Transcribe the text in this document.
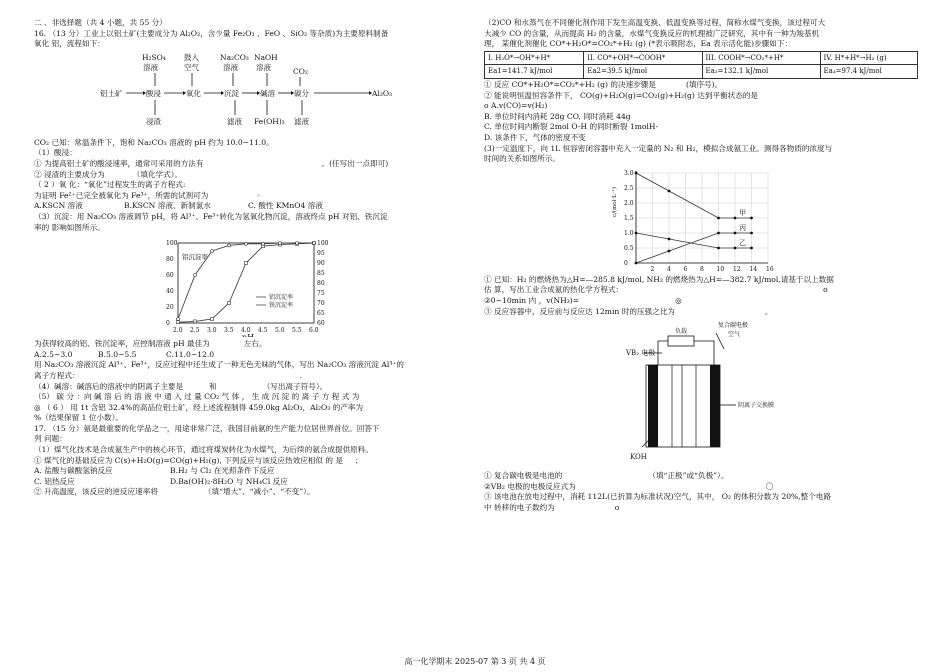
二 、非选择题（共 4 小题，共 55 分）

16. （13 分）工业上以铝土矿(主要成分为 Al₂O₃，含少量 Fe₂O₃ 、FeO 、SiO₂ 等杂质)为主要原料制备

氧化 铝，流程如下：

H₂SO₄
溶液
鼓入
空气
Na₂CO₃
溶液
NaOH
溶液	CO₂
铝土矿	酸浸	氧化	沉淀	碱溶	碳分	Al₂O₃
浸渣	滤液 Fe(OH)₃ 滤液

CO₂ 已知：常温条件下，饱和 Na₂CO₃ 溶液的 pH 约为 10.0~11.0。

（1）酸浸：

① 为提高铝土矿的酸浸速率，通常可采用的方法有	。(任写出一点即可)

② 浸渣的主要成分为	（填化学式）。

（ 2 ）氧 化：“氧化”过程发生的离子方程式:

为证明 Fe²⁺已完全被氧化为 Fe³⁺，所需的试剂可为	◦

A.KSCN 溶液	B.KSCN 溶液、新制氯水	C. 酸性 KMnO4 溶液

（3）沉淀：用 Na₂CO₃ 溶液调节 pH，将 Al³⁺、Fe³⁺转化为氢氧化物沉淀，溶液终点 pH 对铝、铁沉淀

率的 影响如图所示。

100
80
60
40
20
0
100
95
90
85
80
75
70
65
60
2.0 2.5 3.0 3.5 4.0 4.5 5.0 5.5 6.0
铝沉淀率
铝沉淀率
铁沉淀率

为获得较高的铝、铁沉淀率，应控制溶液 pH 最佳为	左右。

A.2.5~3.0	B.5.0~5.5	C.11.0~12.0

用 Na₂CO₃ 溶液沉淀 Al³⁺、Fe³⁺，反应过程中还生成了一种无色无味的气体，写出 Na₂CO₃ 溶液沉淀 Al³⁺的

离子方程式：	.

（4）碱溶：碱溶后的溶液中的阴离子主要是	和	（写出离子符号）。

（5） 碳 分 ：向 碱 溶 后 的 溶 液 中 通 入 过 量 CO₂ 气 体 ， 生 成 沉 淀 的 离 子 方 程 式 为

◎ （ 6 ） 用 1t 含铝 32.4%的高品位铝土矿，经上述流程制得 459.0kg Al₂O₃，Al₂O₃ 的产率为

%（结果保留 1 位小数）。

17. （15 分）氨是最重要的化学品之一，用途非常广泛，我国目前氨的生产能力位居世界首位。回答下

列 问题：

（1）煤气化技术是合成氨生产中的核心环节，通过将煤炭转化为水煤气，为后续的氨合成提供原料。

① 煤气化的基础反应为 C(s)+H₂O(g)=CO(g)+H₂(g), 下列反应与该反应热效应相似 的 是 ；

A. 盐酸与碳酸氢钠反应	B.H₂ 与 Cl₂ 在光照条件下反应

C. 铝热反应	D.Ba(OH)₂·8H₂O 与 NH₄Cl 反应

② 升高温度，该反应的逆反应速率将	（填“增大”、“减小”、“不变”）。

（2)CO 和水蒸气在不同催化剂作用下发生高温变换、低温变换等过程，简称水煤气变换，该过程可大

大减少 CO 的含量，从而提高 H₂ 的含量，水煤气变换反应的机理被广泛研究，其中有一种为羧基机

理， 某催化剂催化 CO*+H₂O*=CO₂*+H₂ (g) (*表示吸附态，Ea 表示活化能)步骤如下：

I. H₂O*→OH*+H*	II. CO*+OH*→COOH*	III. COOH*→CO₂*+H*	IV. H*+H*→H₂ (g)
Ea1=141.7 kJ/mol	Ea2=39.5 kJ/mol	Ea₃=132.1 kJ/mol	Ea₄=97.4 kJ/mol

① 反应 CO*+H₂O*=CO₂*+H₂ (g) 的决速步骤是	(填序号)。

② 能说明恒温恒容条件下， CO(g)+H₂O(g)=CO₂(g)+H₂(g) 达到平衡状态的是

o A.v(CO)=v(H₂)

B. 单位时间内消耗 28g CO, 同时消耗 44g

C. 单位时间内断裂 2mol O-H 的同时断裂 1molH-

D. 该条件下，气体的密度不变

(3)一定温度下，向 1L 恒容密闭容器中充入一定量的 N₂ 和 H₂，模拟合成氨工业。测得各物质的浓度与

时间的关系如图所示。

3.0
2.5
2.0
1.5
1.0
0.5
0
2 4 6 8 10 12 14 16
c/(mol·L⁻¹)	甲
乙
丙

① 已知：H₂ 的燃烧热为△H=—285.8 kJ/mol, NH₃ 的燃烧热为△H=—382.7 kJ/mol,请基于以上数据

估 算，写出工业合成氨的热化学方程式：	o

②0~10min 内 ，v(NH₃)=	◎

③ 反应容器中，反应前与反应达 12min 时的压强之比为	。

负载
复合碳电极
空气
VB₂ 电极
阴离子交换膜
KOH

① 复合碳电极是电池的	（填“正极”或“负极”）。

②VB₂ 电极的电极反应式为	〇

③ 该电池在放电过程中，消耗 112L(已折算为标准状况)空气，其中， O₂ 的体积分数为 20%,整个电路

中 转移的电子数约为	o

高一化学期末 2025-07 第 3 页 共 4 页
